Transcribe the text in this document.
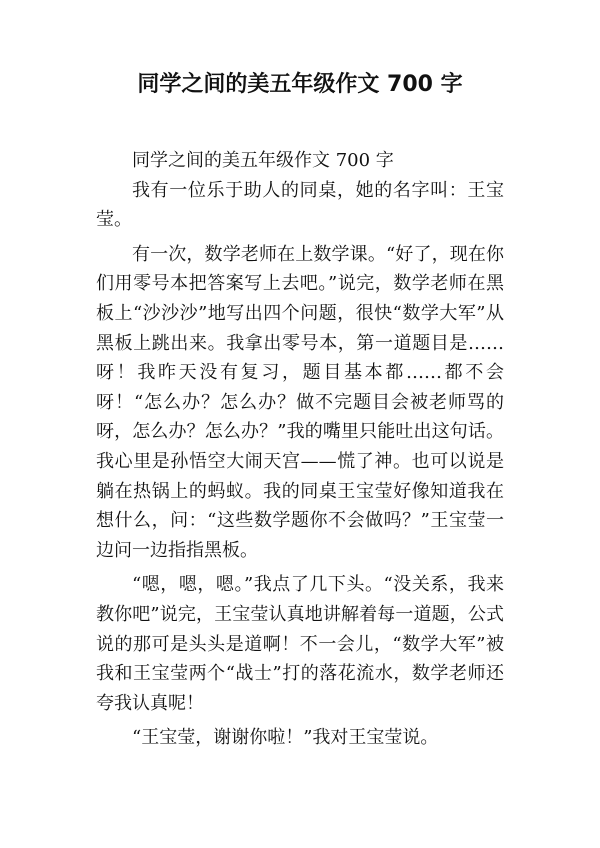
同学之间的美五年级作文 700 字

同学之间的美五年级作文 700 字

我有一位乐于助人的同桌，她的名字叫：王宝莹。

有一次，数学老师在上数学课。“好了，现在你们用零号本把答案写上去吧。”说完，数学老师在黑板上“沙沙沙”地写出四个问题，很快“数学大军”从黑板上跳出来。我拿出零号本，第一道题目是……呀！我昨天没有复习，题目基本都……都不会呀！“怎么办？怎么办？做不完题目会被老师骂的呀，怎么办？怎么办？”我的嘴里只能吐出这句话。我心里是孙悟空大闹天宫——慌了神。也可以说是躺在热锅上的蚂蚁。我的同桌王宝莹好像知道我在想什么，问：“这些数学题你不会做吗？”王宝莹一边问一边指指黑板。

“嗯，嗯，嗯。”我点了几下头。“没关系，我来教你吧”说完，王宝莹认真地讲解着每一道题，公式说的那可是头头是道啊！不一会儿，“数学大军”被我和王宝莹两个“战士”打的落花流水，数学老师还夸我认真呢！

“王宝莹，谢谢你啦！”我对王宝莹说。
